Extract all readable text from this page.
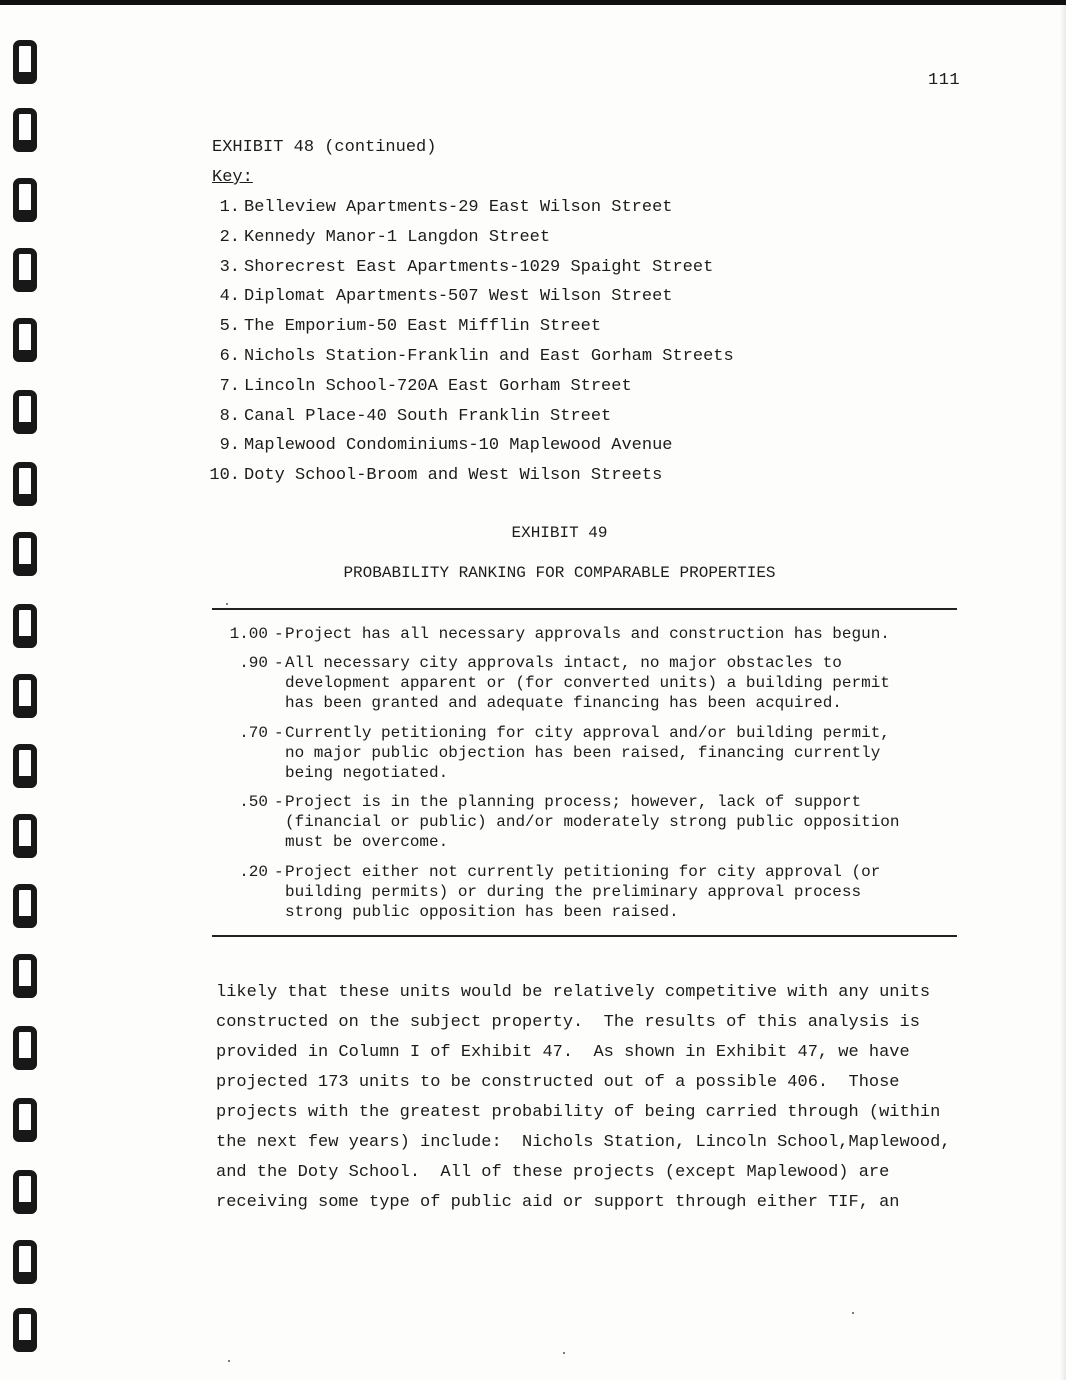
111
EXHIBIT 48 (continued)
Key:
1. Belleview Apartments-29 East Wilson Street
2. Kennedy Manor-1 Langdon Street
3. Shorecrest East Apartments-1029 Spaight Street
4. Diplomat Apartments-507 West Wilson Street
5. The Emporium-50 East Mifflin Street
6. Nichols Station-Franklin and East Gorham Streets
7. Lincoln School-720A East Gorham Street
8. Canal Place-40 South Franklin Street
9. Maplewood Condominiums-10 Maplewood Avenue
10. Doty School-Broom and West Wilson Streets
EXHIBIT 49
PROBABILITY RANKING FOR COMPARABLE PROPERTIES
1.00 - Project has all necessary approvals and construction has begun.
.90 - All necessary city approvals intact, no major obstacles to
development apparent or (for converted units) a building permit
has been granted and adequate financing has been acquired.
.70 - Currently petitioning for city approval and/or building permit,
no major public objection has been raised, financing currently
being negotiated.
.50 - Project is in the planning process; however, lack of support
(financial or public) and/or moderately strong public opposition
must be overcome.
.20 - Project either not currently petitioning for city approval (or
building permits) or during the preliminary approval process
strong public opposition has been raised.
likely that these units would be relatively competitive with any units
constructed on the subject property.  The results of this analysis is
provided in Column I of Exhibit 47.  As shown in Exhibit 47, we have
projected 173 units to be constructed out of a possible 406.  Those
projects with the greatest probability of being carried through (within
the next few years) include:  Nichols Station, Lincoln School,Maplewood,
and the Doty School.  All of these projects (except Maplewood) are
receiving some type of public aid or support through either TIF, an
